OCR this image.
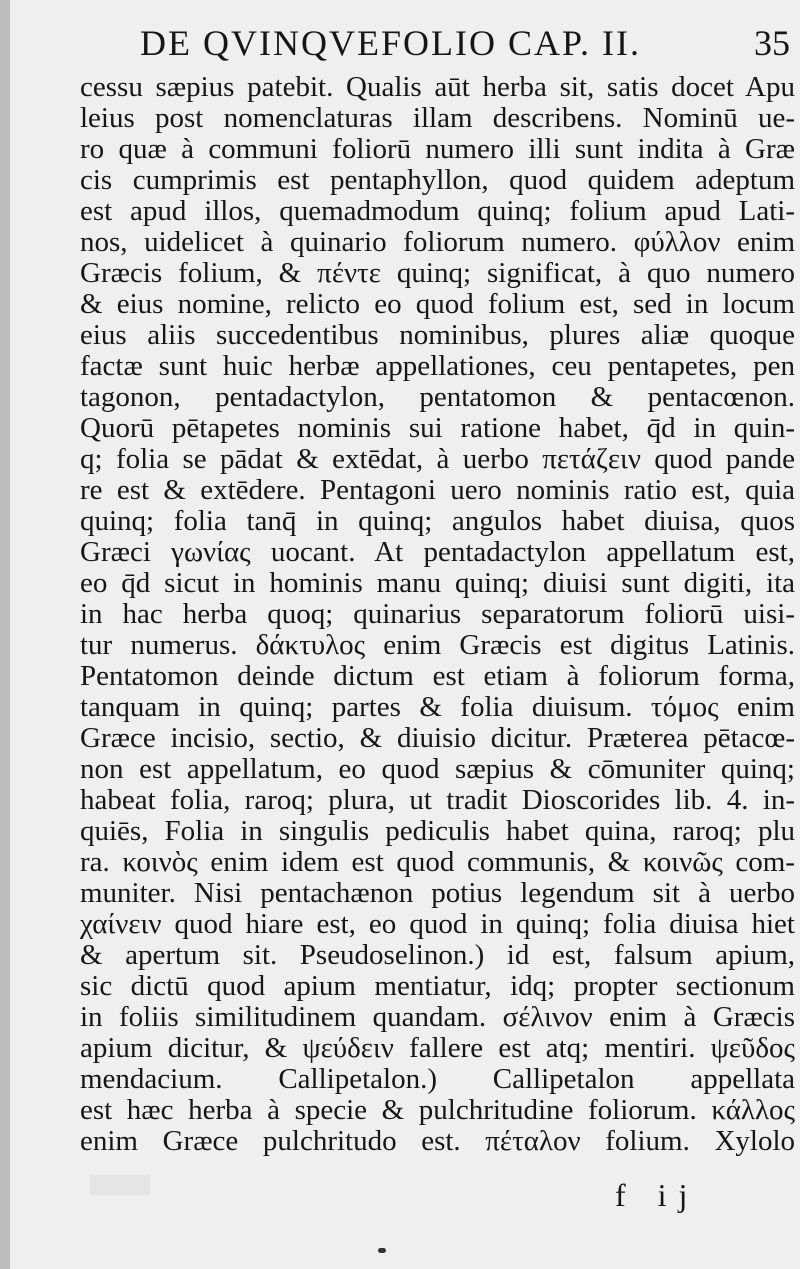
DE QVINQVEFOLIO CAP. II.	35
cessu sæpius patebit. Qualis aūt herba sit, satis docet Apu
leius post nomenclaturas illam describens. Nominū ue-
ro quæ à communi foliorū numero illi sunt indita à Græ
cis cumprimis est pentaphyllon, quod quidem adeptum
est apud illos, quemadmodum quinq; folium apud Lati-
nos, uidelicet à quinario foliorum numero. φύλλον enim
Græcis folium, & πέντε quinq; significat, à quo numero
& eius nomine, relicto eo quod folium est, sed in locum
eius aliis succedentibus nominibus, plures aliæ quoque
factæ sunt huic herbæ appellationes, ceu pentapetes, pen
tagonon, pentadactylon, pentatomon & pentacœnon.
Quorū pētapetes nominis sui ratione habet, q̄d in quin-
q; folia se pādat & extēdat, à uerbo πετάζειν quod pande
re est & extēdere. Pentagoni uero nominis ratio est, quia
quinq; folia tanq̄ in quinq; angulos habet diuisa, quos
Græci γωνίας uocant. At pentadactylon appellatum est,
eo q̄d sicut in hominis manu quinq; diuisi sunt digiti, ita
in hac herba quoq; quinarius separatorum foliorū uisi-
tur numerus. δάκτυλος enim Græcis est digitus Latinis.
Pentatomon deinde dictum est etiam à foliorum forma,
tanquam in quinq; partes & folia diuisum. τόμος enim
Græce incisio, sectio, & diuisio dicitur. Præterea pētacœ-
non est appellatum, eo quod sæpius & cōmuniter quinq;
habeat folia, raroq; plura, ut tradit Dioscorides lib. 4. in-
quiēs, Folia in singulis pediculis habet quina, raroq; plu
ra. κοινὸς enim idem est quod communis, & κοινῶς com-
muniter. Nisi pentachænon potius legendum sit à uerbo
χαίνειν quod hiare est, eo quod in quinq; folia diuisa hiet
& apertum sit. Pseudoselinon.) id est, falsum apium,
sic dictū quod apium mentiatur, idq; propter sectionum
in foliis similitudinem quandam. σέλινον enim à Græcis
apium dicitur, & ψεύδειν fallere est atq; mentiri. ψεῦδος
mendacium. Callipetalon.) Callipetalon appellata
est hæc herba à specie & pulchritudine foliorum. κάλλος
enim Græce pulchritudo est. πέταλον folium. Xylolo
f ij
